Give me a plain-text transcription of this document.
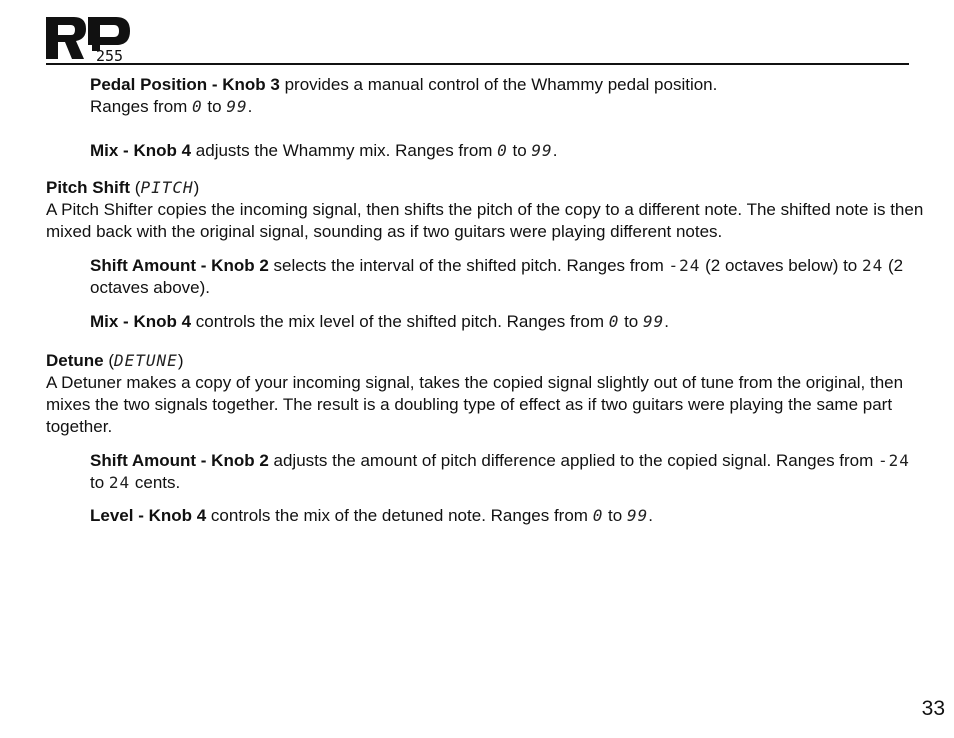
255

Pedal Position - Knob 3 provides a manual control of the Whammy pedal position.
Ranges from 0 to 99.

Mix - Knob 4 adjusts the Whammy mix. Ranges from 0 to 99.

Pitch Shift (PITCH)

A Pitch Shifter copies the incoming signal, then shifts the pitch of the copy to a different note. The shifted note is then mixed back with the original signal, sounding as if two guitars were playing different notes.

Shift Amount - Knob 2 selects the interval of the shifted pitch. Ranges from -24 (2 octaves below) to 24 (2 octaves above).

Mix - Knob 4 controls the mix level of the shifted pitch. Ranges from 0 to 99.

Detune (DETUNE)

A Detuner makes a copy of your incoming signal, takes the copied signal slightly out of tune from the original, then mixes the two signals together. The result is a doubling type of effect as if two guitars were playing the same part together.

Shift Amount - Knob 2 adjusts the amount of pitch difference applied to the copied signal. Ranges from -24 to 24 cents.

Level - Knob 4 controls the mix of the detuned note. Ranges from 0 to 99.

33
